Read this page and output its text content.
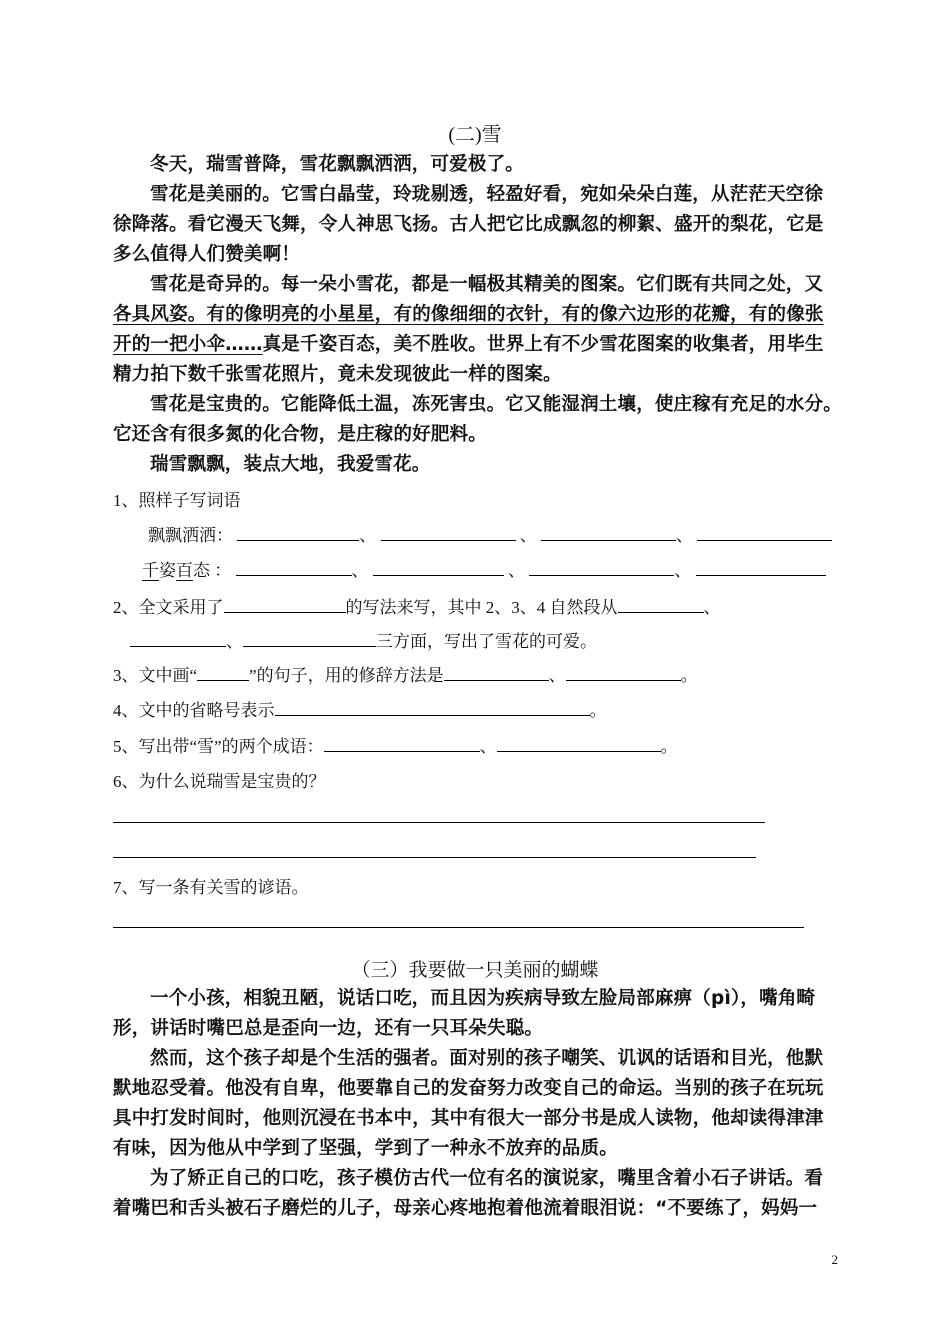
(二)雪
冬天，瑞雪普降，雪花飘飘洒洒，可爱极了。
雪花是美丽的。它雪白晶莹，玲珑剔透，轻盈好看，宛如朵朵白莲，从茫茫天空徐
徐降落。看它漫天飞舞，令人神思飞扬。古人把它比成飘忽的柳絮、盛开的梨花，它是
多么值得人们赞美啊！
雪花是奇异的。每一朵小雪花，都是一幅极其精美的图案。它们既有共同之处，又
各具风姿。有的像明亮的小星星，有的像细细的衣针，有的像六边形的花瓣，有的像张
开的一把小伞……真是千姿百态，美不胜收。世界上有不少雪花图案的收集者，用毕生
精力拍下数千张雪花照片，竟未发现彼此一样的图案。
雪花是宝贵的。它能降低土温，冻死害虫。它又能湿润土壤，使庄稼有充足的水分。
它还含有很多氮的化合物，是庄稼的好肥料。
瑞雪飘飘，装点大地，我爱雪花。
1、照样子写词语
飘飘洒洒：	、	、	、
千姿百态 ：	、	、	、
2、全文采用了	的写法来写，其中 2、3、4 自然段从	、
、	三方面，写出了雪花的可爱。
3、文中画“	”的句子，用的修辞方法是	、	。
4、文中的省略号表示	。
5、写出带“雪”的两个成语：	、	。
6、为什么说瑞雪是宝贵的？
7、写一条有关雪的谚语。
（三）我要做一只美丽的蝴蝶
一个小孩，相貌丑陋，说话口吃，而且因为疾病导致左脸局部麻痹（pì），嘴角畸
形，讲话时嘴巴总是歪向一边，还有一只耳朵失聪。
然而，这个孩子却是个生活的强者。面对别的孩子嘲笑、讥讽的话语和目光，他默
默地忍受着。他没有自卑，他要靠自己的发奋努力改变自己的命运。当别的孩子在玩玩
具中打发时间时，他则沉浸在书本中，其中有很大一部分书是成人读物，他却读得津津
有味，因为他从中学到了坚强，学到了一种永不放弃的品质。
为了矫正自己的口吃，孩子模仿古代一位有名的演说家，嘴里含着小石子讲话。看
着嘴巴和舌头被石子磨烂的儿子，母亲心疼地抱着他流着眼泪说：“不要练了，妈妈一
2
